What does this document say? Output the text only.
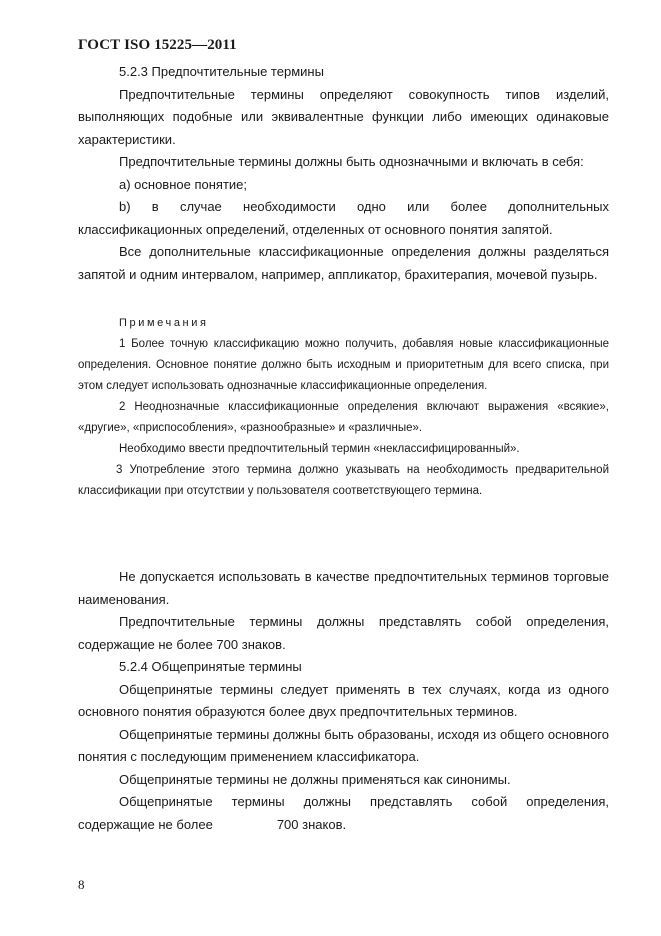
ГОСТ ISO 15225—2011

5.2.3 Предпочтительные термины

Предпочтительные термины определяют совокупность типов изделий, выполняющих подобные или эквивалентные функции либо имеющих одинаковые характеристики.

Предпочтительные термины должны быть однозначными и включать в себя:

а) основное понятие;

b) в случае необходимости одно или более дополнительных классификационных определений, отделенных от основного понятия запятой.

Все дополнительные классификационные определения должны разделяться запятой и одним интервалом, например, аппликатор, брахитерапия, мочевой пузырь.

Примечания

1 Более точную классификацию можно получить, добавляя новые классификационные определения. Основное понятие должно быть исходным и приоритетным для всего списка, при этом следует использовать однозначные классификационные определения.

2 Неоднозначные классификационные определения включают выражения «всякие», «другие», «приспособления», «разнообразные» и «различные».

Необходимо ввести предпочтительный термин «неклассифицированный».

3 Употребление этого термина должно указывать на необходимость предварительной классификации при отсутствии у пользователя соответствующего термина.

Не допускается использовать в качестве предпочтительных терминов торговые наименования.

Предпочтительные термины должны представлять собой определения, содержащие не более 700 знаков.

5.2.4 Общепринятые термины

Общепринятые термины следует применять в тех случаях, когда из одного основного понятия образуются более двух предпочтительных терминов.

Общепринятые термины должны быть образованы, исходя из общего основного понятия с последующим применением классификатора.

Общепринятые термины не должны применяться как синонимы.

Общепринятые термины должны представлять собой определения, содержащие не более	700 знаков.

8
